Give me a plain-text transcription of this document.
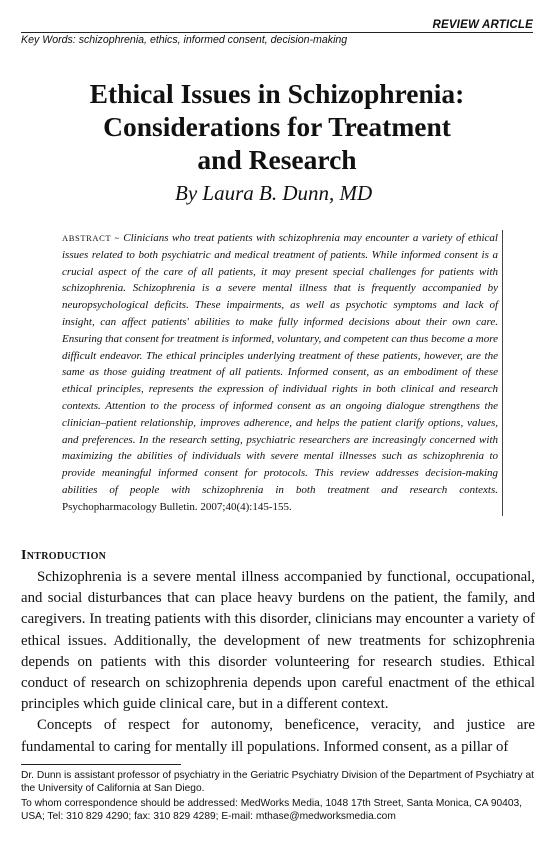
REVIEW ARTICLE
Key Words: schizophrenia, ethics, informed consent, decision-making
Ethical Issues in Schizophrenia:
Considerations for Treatment
and Research
By Laura B. Dunn, MD

ABSTRACT ~ Clinicians who treat patients with schizophrenia may encounter a variety of ethical issues related to both psychiatric and medical treatment of patients. While informed consent is a crucial aspect of the care of all patients, it may present special challenges for patients with schizophrenia. Schizophrenia is a severe mental illness that is frequently accompanied by neuropsychological deficits. These impairments, as well as psychotic symptoms and lack of insight, can affect patients' abilities to make fully informed decisions about their own care. Ensuring that consent for treatment is informed, voluntary, and competent can thus become a more difficult endeavor. The ethical principles underlying treatment of these patients, however, are the same as those guiding treatment of all patients. Informed consent, as an embodiment of these ethical principles, represents the expression of individual rights in both clinical and research contexts. Attention to the process of informed consent as an ongoing dialogue strengthens the clinician–patient relationship, improves adherence, and helps the patient clarify options, values, and preferences. In the research setting, psychiatric researchers are increasingly concerned with maximizing the abilities of individuals with severe mental illnesses such as schizophrenia to provide meaningful informed consent for protocols. This review addresses decision-making abilities of people with schizophrenia in both treatment and research contexts. Psychopharmacology Bulletin. 2007;40(4):145-155.

Introduction

Schizophrenia is a severe mental illness accompanied by functional, occupational, and social disturbances that can place heavy burdens on the patient, the family, and caregivers. In treating patients with this disorder, clinicians may encounter a variety of ethical issues. Additionally, the development of new treatments for schizophrenia depends on patients with this disorder volunteering for research studies. Ethical conduct of research on schizophrenia depends upon careful enactment of the ethical principles which guide clinical care, but in a different context.

Concepts of respect for autonomy, beneficence, veracity, and justice are fundamental to caring for mentally ill populations. Informed consent, as a pillar of

Dr. Dunn is assistant professor of psychiatry in the Geriatric Psychiatry Division of the Department of Psychiatry at the University of California at San Diego.

To whom correspondence should be addressed: MedWorks Media, 1048 17th Street, Santa Monica, CA 90403, USA; Tel: 310 829 4290; fax: 310 829 4289; E-mail: mthase@medworksmedia.com
